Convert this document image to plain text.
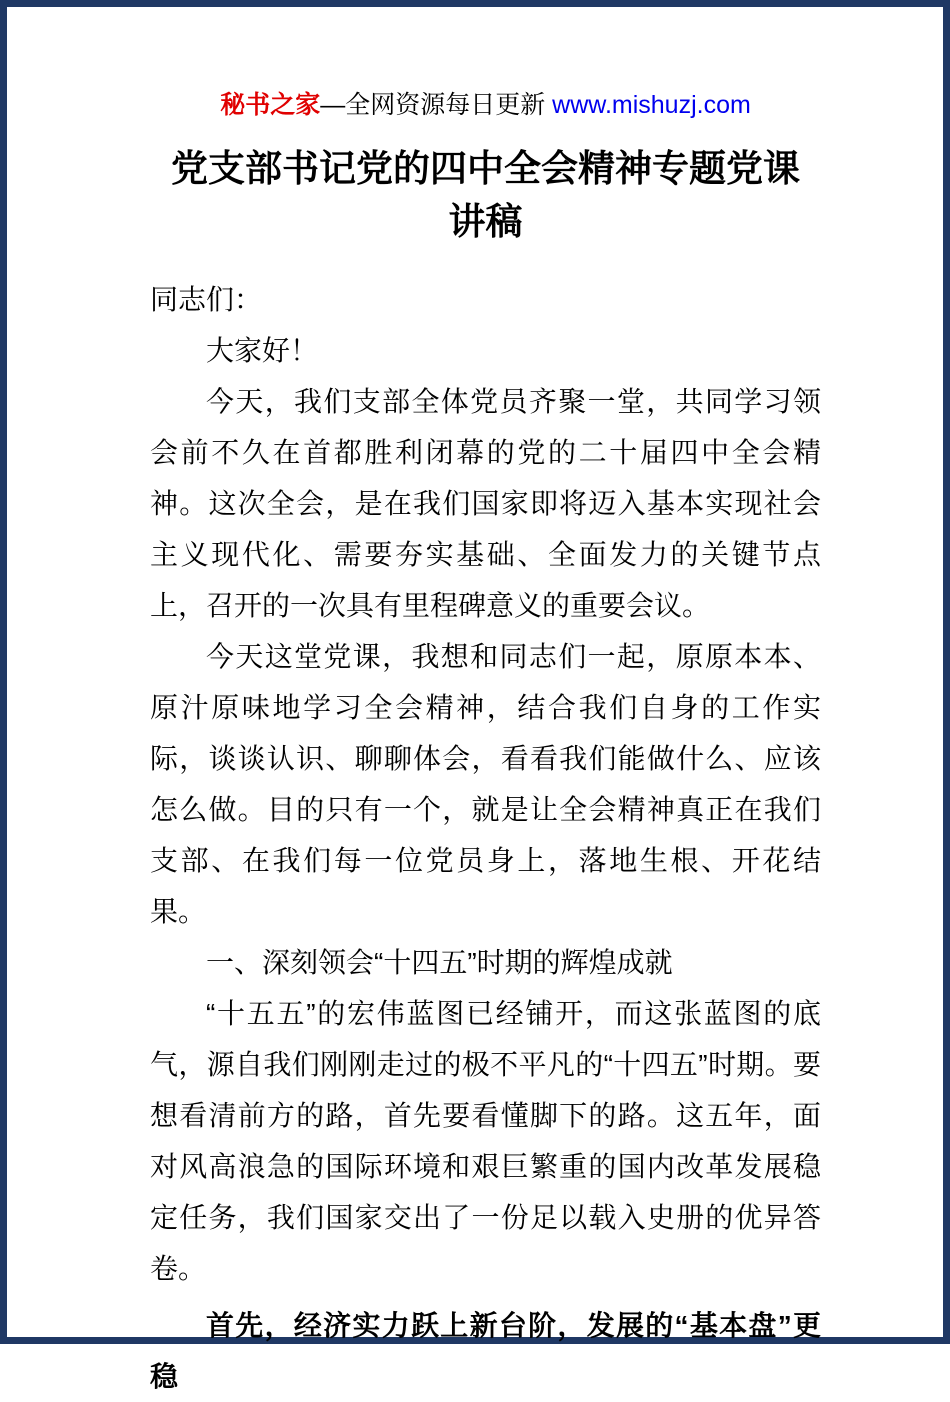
秘书之家—全网资源每日更新 www.mishuzj.com
党支部书记党的四中全会精神专题党课
讲稿

同志们：

大家好！

今天，我们支部全体党员齐聚一堂，共同学习领会前不久在首都胜利闭幕的党的二十届四中全会精神。这次全会，是在我们国家即将迈入基本实现社会主义现代化、需要夯实基础、全面发力的关键节点上，召开的一次具有里程碑意义的重要会议。

今天这堂党课，我想和同志们一起，原原本本、原汁原味地学习全会精神，结合我们自身的工作实际，谈谈认识、聊聊体会，看看我们能做什么、应该怎么做。目的只有一个，就是让全会精神真正在我们支部、在我们每一位党员身上，落地生根、开花结果。

一、深刻领会“十四五”时期的辉煌成就

“十五五”的宏伟蓝图已经铺开，而这张蓝图的底气，源自我们刚刚走过的极不平凡的“十四五”时期。要想看清前方的路，首先要看懂脚下的路。这五年，面对风高浪急的国际环境和艰巨繁重的国内改革发展稳定任务，我们国家交出了一份足以载入史册的优异答卷。

首先，经济实力跃上新台阶，发展的“基本盘”更稳
